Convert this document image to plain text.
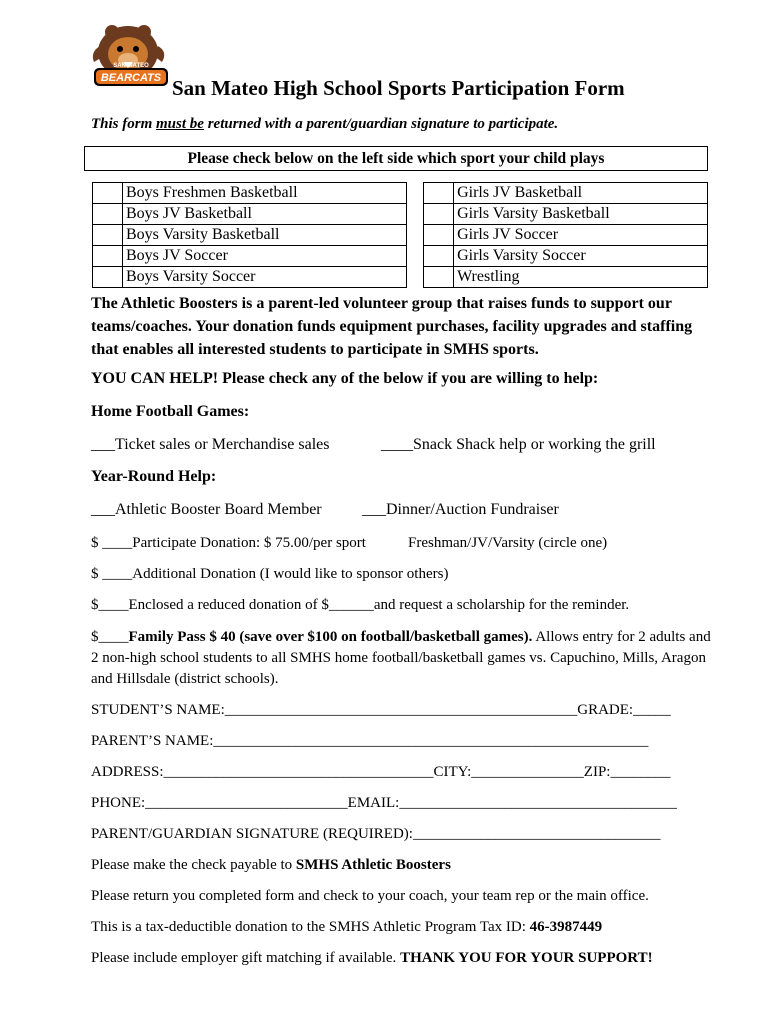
BEARCATS
SAN MATEO
San Mateo High School Sports Participation Form
This form must be returned with a parent/guardian signature to participate.
Please check below on the left side which sport your child plays
	Boys Freshmen Basketball			Girls JV Basketball
	Boys JV Basketball			Girls Varsity Basketball
	Boys Varsity Basketball			Girls JV Soccer
	Boys JV Soccer			Girls Varsity Soccer
	Boys Varsity Soccer			Wrestling
The Athletic Boosters is a parent-led volunteer group that raises funds to support our teams/coaches. Your donation funds equipment purchases, facility upgrades and staffing that enables all interested students to participate in SMHS sports.
YOU CAN HELP! Please check any of the below if you are willing to help:
Home Football Games:
___Ticket sales or Merchandise sales	____Snack Shack help or working the grill
Year-Round Help:
___Athletic Booster Board Member	___Dinner/Auction Fundraiser
$ ____Participate Donation: $ 75.00/per sport	Freshman/JV/Varsity (circle one)
$ ____Additional Donation (I would like to sponsor others)
$____Enclosed a reduced donation of $______and request a scholarship for the reminder.
$____Family Pass $ 40 (save over $100 on football/basketball games). Allows entry for 2 adults and 2 non-high school students to all SMHS home football/basketball games vs. Capuchino, Mills, Aragon and Hillsdale (district schools).
STUDENT’S NAME:_______________________________________________GRADE:_____
PARENT’S NAME:__________________________________________________________
ADDRESS:____________________________________CITY:_______________ZIP:________
PHONE:___________________________EMAIL:_____________________________________
PARENT/GUARDIAN SIGNATURE (REQUIRED):_________________________________
Please make the check payable to SMHS Athletic Boosters
Please return you completed form and check to your coach, your team rep or the main office.
This is a tax-deductible donation to the SMHS Athletic Program Tax ID: 46-3987449
Please include employer gift matching if available. THANK YOU FOR YOUR SUPPORT!
